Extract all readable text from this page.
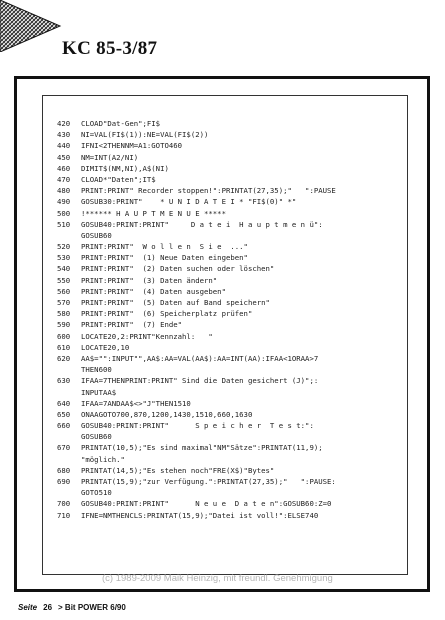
KC 85-3/87
420	CLOAD"Dat-Gen";FI$
430	NI=VAL(FI$(1)):NE=VAL(FI$(2))
440	IFNI<2THENNM=A1:GOTO460
450	NM=INT(A2/NI)
460	DIMIT$(NM,NI),A$(NI)
470	CLOAD*"Daten";IT$
480	PRINT:PRINT" Recorder stoppen!":PRINTAT(27,35);"   ":PAUSE
490	GOSUB30:PRINT"    * U N I D A T E I * "FI$(0)" *"
500	!****** H A U P T M E N U E *****
510	GOSUB40:PRINT:PRINT"     D a t e i  H a u p t m e n ü":
GOSUB60
520	PRINT:PRINT"  W o l l e n  S i e  ..."
530	PRINT:PRINT"  (1) Neue Daten eingeben"
540	PRINT:PRINT"  (2) Daten suchen oder löschen"
550	PRINT:PRINT"  (3) Daten ändern"
560	PRINT:PRINT"  (4) Daten ausgeben"
570	PRINT:PRINT"  (5) Daten auf Band speichern"
580	PRINT:PRINT"  (6) Speicherplatz prüfen"
590	PRINT:PRINT"  (7) Ende"
600	LOCATE20,2:PRINT"Kennzahl:   "
610	LOCATE20,10
620	AA$="":INPUT"",AA$:AA=VAL(AA$):AA=INT(AA):IFAA<1ORAA>7
THEN600
630	IFAA=7THENPRINT:PRINT" Sind die Daten gesichert (J)";:
INPUTAA$
640	IFAA=7ANDAA$<>"J"THEN1510
650	ONAAGOTO700,870,1200,1430,1510,660,1630
660	GOSUB40:PRINT:PRINT"      S p e i c h e r  T e s t:":
GOSUB60
670	PRINTAT(10,5);"Es sind maximal"NM"Sätze":PRINTAT(11,9);
"möglich."
680	PRINTAT(14,5);"Es stehen noch"FRE(X$)"Bytes"
690	PRINTAT(15,9);"zur Verfügung.":PRINTAT(27,35);"   ":PAUSE:
GOTO510
700	GOSUB40:PRINT:PRINT"      N e u e  D a t e n":GOSUB60:Z=0
710	IFNE=NMTHENCLS:PRINTAT(15,9);"Datei ist voll!":ELSE740
(c) 1989-2009 Maik Heinzig, mit freundl. Genehmigung
Seite 26 > Bit POWER 6/90
